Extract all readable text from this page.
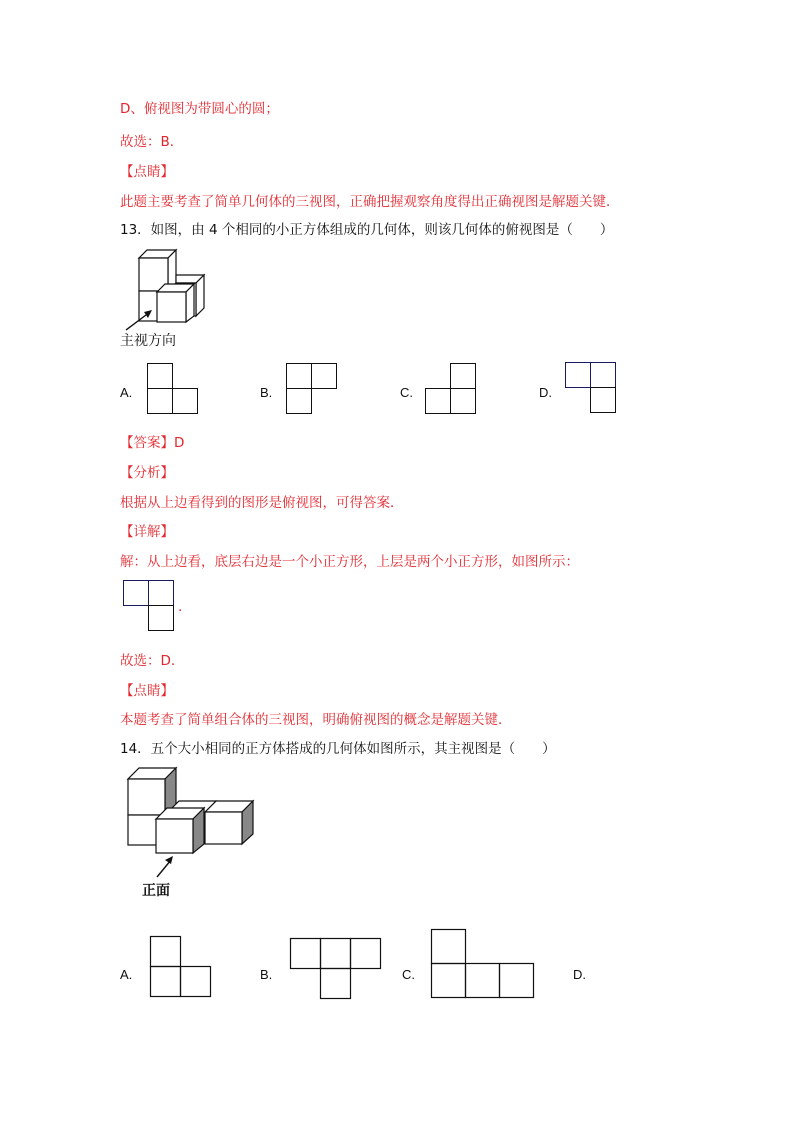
D、俯视图为带圆心的圆；
故选：B．
【点睛】
此题主要考查了简单几何体的三视图，正确把握观察角度得出正确视图是解题关键．
13．如图，由 4 个相同的小正方体组成的几何体，则该几何体的俯视图是（　　）
主视方向
A.	B.	C.	D.
【答案】D
【分析】
根据从上边看得到的图形是俯视图，可得答案．
【详解】
解：从上边看，底层右边是一个小正方形，上层是两个小正方形，如图所示：
.
故选：D．
【点睛】
本题考查了简单组合体的三视图，明确俯视图的概念是解题关键．
14．五个大小相同的正方体搭成的几何体如图所示，其主视图是（　　）
正面
A.	B.	C.	D.
